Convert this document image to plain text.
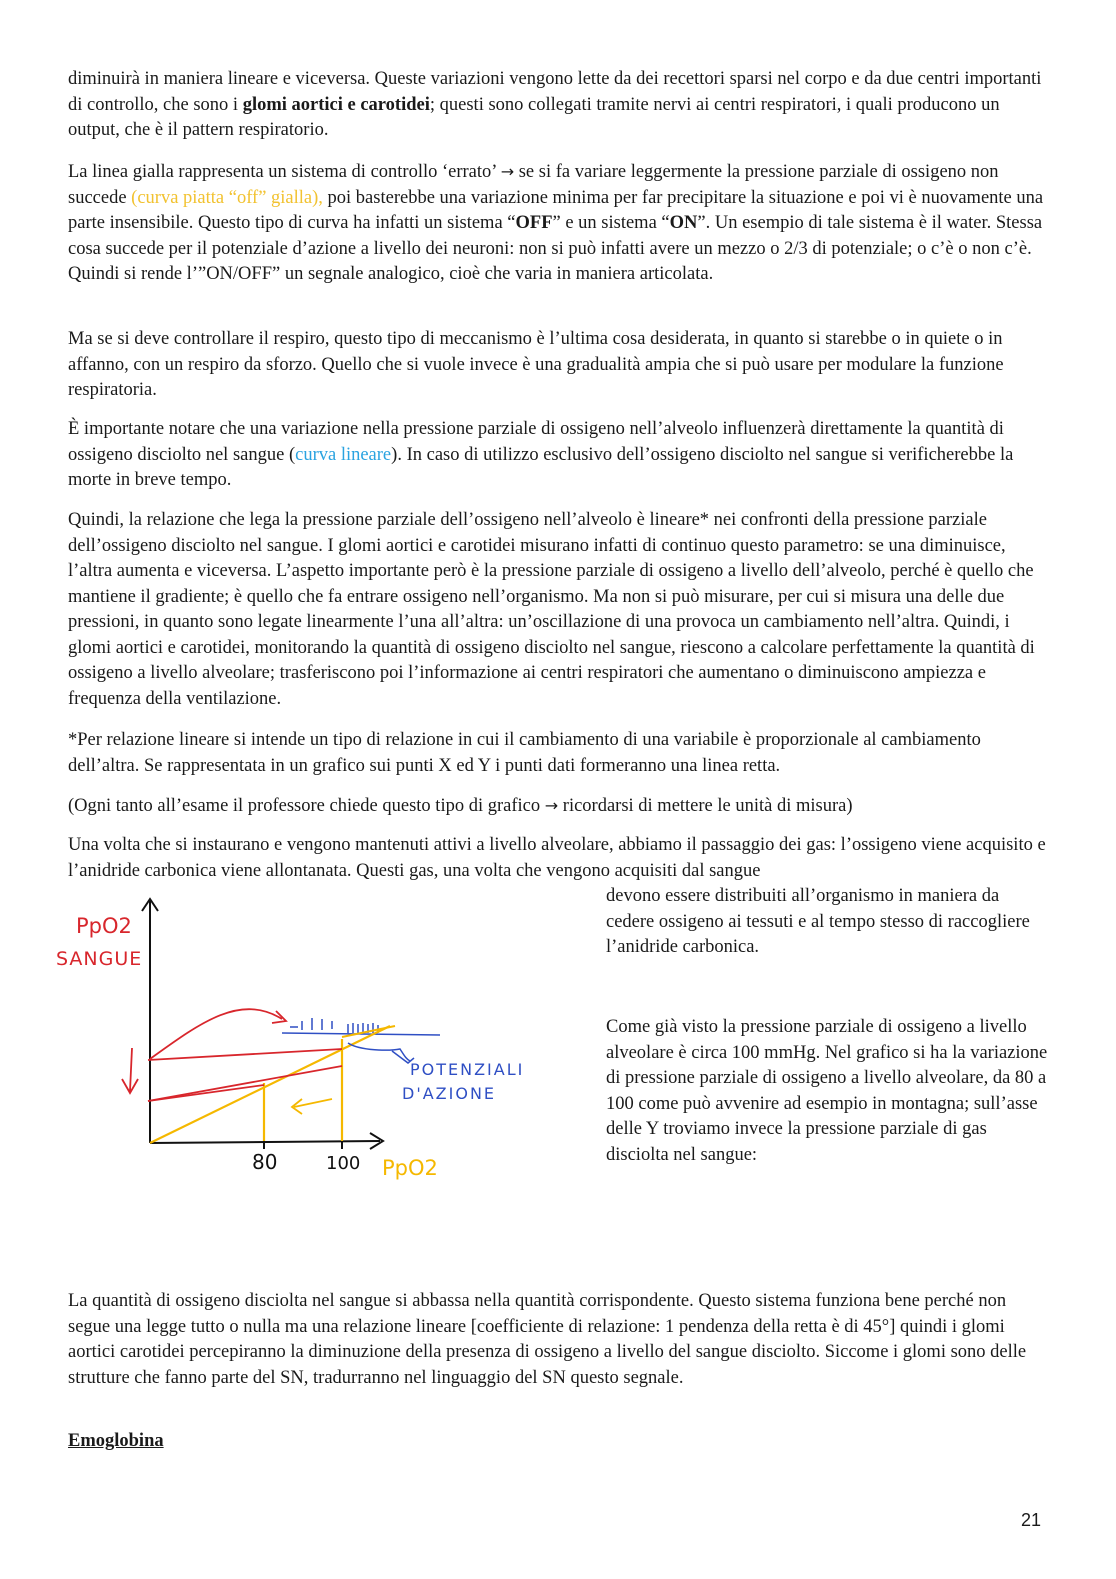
diminuirà in maniera lineare e viceversa. Queste variazioni vengono lette da dei recettori sparsi nel corpo e da due centri importanti di controllo, che sono i glomi aortici e carotidei; questi sono collegati tramite nervi ai centri respiratori, i quali producono un output, che è il pattern respiratorio.

La linea gialla rappresenta un sistema di controllo ‘errato’ → se si fa variare leggermente la pressione parziale di ossigeno non succede (curva piatta “off” gialla), poi basterebbe una variazione minima per far precipitare la situazione e poi vi è nuovamente una parte insensibile. Questo tipo di curva ha infatti un sistema “OFF” e un sistema “ON”. Un esempio di tale sistema è il water. Stessa cosa succede per il potenziale d’azione a livello dei neuroni: non si può infatti avere un mezzo o 2/3 di potenziale; o c’è o non c’è. Quindi si rende l’”ON/OFF” un segnale analogico, cioè che varia in maniera articolata.

Ma se si deve controllare il respiro, questo tipo di meccanismo è l’ultima cosa desiderata, in quanto si starebbe o in quiete o in affanno, con un respiro da sforzo. Quello che si vuole invece è una gradualità ampia che si può usare per modulare la funzione respiratoria.

È importante notare che una variazione nella pressione parziale di ossigeno nell’alveolo influenzerà direttamente la quantità di ossigeno disciolto nel sangue (curva lineare). In caso di utilizzo esclusivo dell’ossigeno disciolto nel sangue si verificherebbe la morte in breve tempo.

Quindi, la relazione che lega la pressione parziale dell’ossigeno nell’alveolo è lineare* nei confronti della pressione parziale dell’ossigeno disciolto nel sangue. I glomi aortici e carotidei misurano infatti di continuo questo parametro: se una diminuisce, l’altra aumenta e viceversa. L’aspetto importante però è la pressione parziale di ossigeno a livello dell’alveolo, perché è quello che mantiene il gradiente; è quello che fa entrare ossigeno nell’organismo. Ma non si può misurare, per cui si misura una delle due pressioni, in quanto sono legate linearmente l’una all’altra: un’oscillazione di una provoca un cambiamento nell’altra. Quindi, i glomi aortici e carotidei, monitorando la quantità di ossigeno disciolto nel sangue, riescono a calcolare perfettamente la quantità di ossigeno a livello alveolare; trasferiscono poi l’informazione ai centri respiratori che aumentano o diminuiscono ampiezza e frequenza della ventilazione.

*Per relazione lineare si intende un tipo di relazione in cui il cambiamento di una variabile è proporzionale al cambiamento dell’altra. Se rappresentata in un grafico sui punti X ed Y i punti dati formeranno una linea retta.

(Ogni tanto all’esame il professore chiede questo tipo di grafico → ricordarsi di mettere le unità di misura)

Una volta che si instaurano e vengono mantenuti attivi a livello alveolare, abbiamo il passaggio dei gas: l’ossigeno viene acquisito e l’anidride carbonica viene allontanata. Questi gas, una volta che vengono acquisiti dal sangue

devono essere distribuiti all’organismo in maniera da cedere ossigeno ai tessuti e al tempo stesso di raccogliere l’anidride carbonica.

Come già visto la pressione parziale di ossigeno a livello alveolare è circa 100 mmHg. Nel grafico si ha la variazione di pressione parziale di ossigeno a livello alveolare, da 80 a 100 come può avvenire ad esempio in montagna; sull’asse delle Y troviamo invece la pressione parziale di gas disciolta nel sangue:

PpO2
SANGUE
POTENZIALI
D'AZIONE
80	100 PpO2

La quantità di ossigeno disciolta nel sangue si abbassa nella quantità corrispondente. Questo sistema funziona bene perché non segue una legge tutto o nulla ma una relazione lineare [coefficiente di relazione: 1 pendenza della retta è di 45°] quindi i glomi aortici carotidei percepiranno la diminuzione della presenza di ossigeno a livello del sangue disciolto. Siccome i glomi sono delle strutture che fanno parte del SN, tradurranno nel linguaggio del SN questo segnale.

Emoglobina

21
